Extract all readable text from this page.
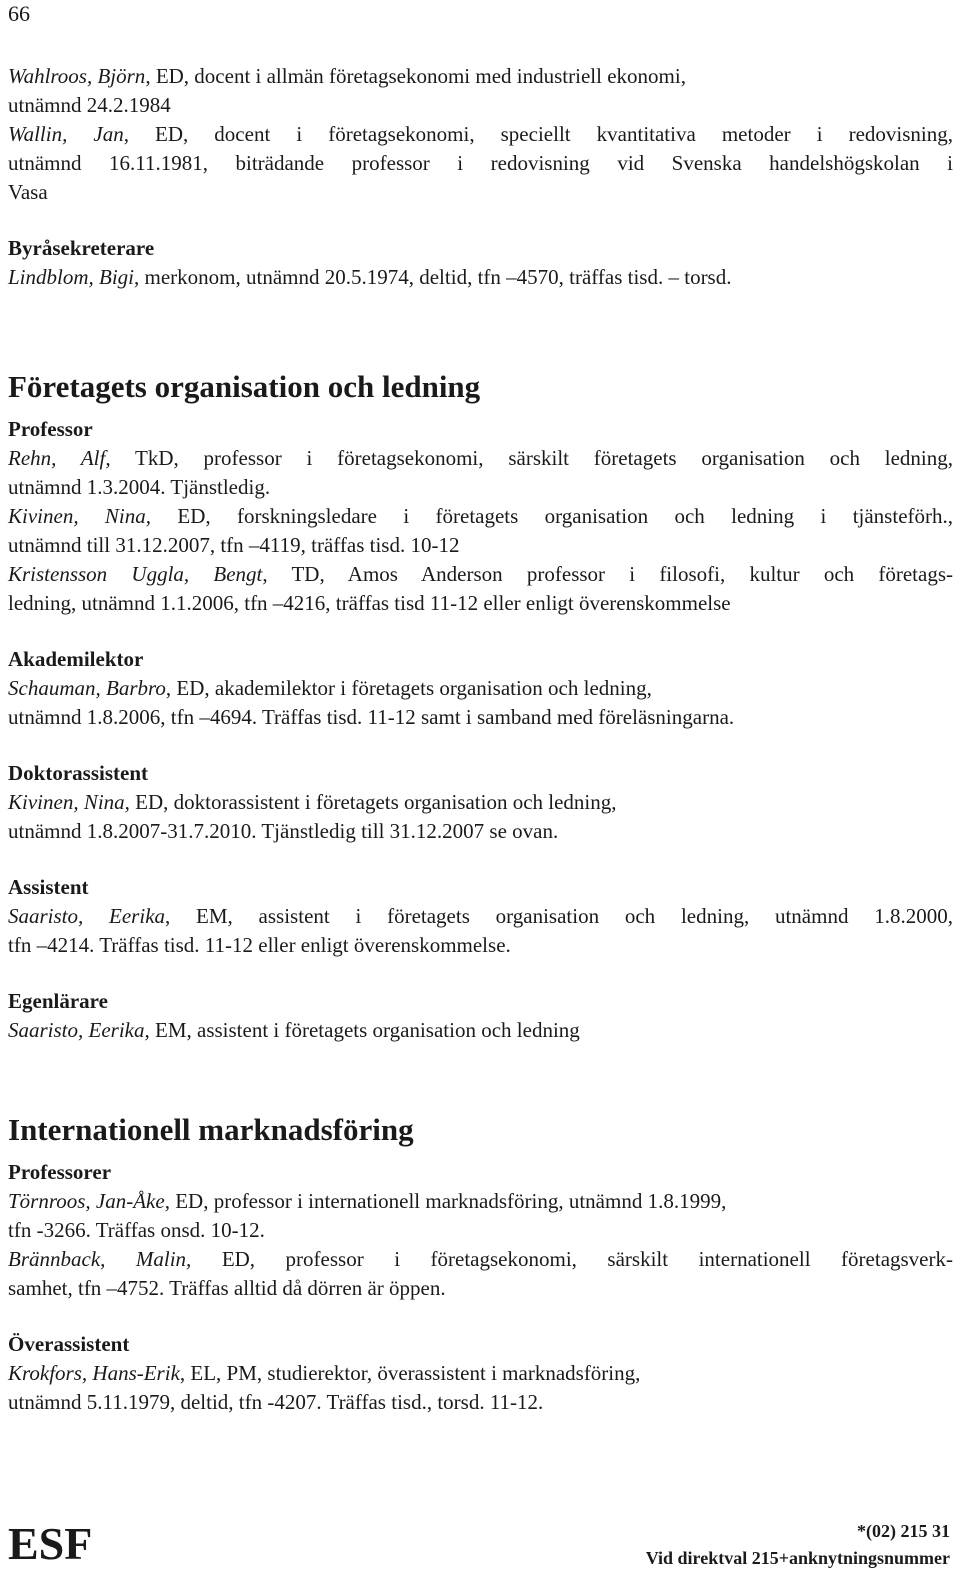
66
Wahlroos, Björn, ED, docent i allmän företagsekonomi med industriell ekonomi,
utnämnd 24.2.1984
Wallin, Jan, ED, docent i företagsekonomi, speciellt kvantitativa metoder i redovisning,
utnämnd 16.11.1981, biträdande professor i redovisning vid Svenska handelshögskolan i
Vasa
Byråsekreterare
Lindblom, Bigi, merkonom, utnämnd 20.5.1974, deltid, tfn –4570, träffas tisd. – torsd.
Företagets organisation och ledning
Professor
Rehn, Alf, TkD, professor i företagsekonomi, särskilt företagets organisation och ledning,
utnämnd 1.3.2004. Tjänstledig.
Kivinen, Nina, ED, forskningsledare i företagets organisation och ledning i tjänsteförh.,
utnämnd till 31.12.2007, tfn –4119, träffas tisd. 10-12
Kristensson Uggla, Bengt, TD, Amos Anderson professor i filosofi, kultur och företags-
ledning, utnämnd 1.1.2006, tfn –4216, träffas tisd 11-12 eller enligt överenskommelse
Akademilektor
Schauman, Barbro, ED, akademilektor i företagets organisation och ledning,
utnämnd 1.8.2006, tfn –4694. Träffas tisd. 11-12 samt i samband med föreläsningarna.
Doktorassistent
Kivinen, Nina, ED, doktorassistent i företagets organisation och ledning,
utnämnd 1.8.2007-31.7.2010. Tjänstledig till 31.12.2007 se ovan.
Assistent
Saaristo, Eerika, EM, assistent i företagets organisation och ledning, utnämnd 1.8.2000,
tfn –4214. Träffas tisd. 11-12 eller enligt överenskommelse.
Egenlärare
Saaristo, Eerika, EM, assistent i företagets organisation och ledning
Internationell marknadsföring
Professorer
Törnroos, Jan-Åke, ED, professor i internationell marknadsföring, utnämnd 1.8.1999,
tfn -3266. Träffas onsd. 10-12.
Brännback, Malin, ED, professor i företagsekonomi, särskilt internationell företagsverk-
samhet, tfn –4752. Träffas alltid då dörren är öppen.
Överassistent
Krokfors, Hans-Erik, EL, PM, studierektor, överassistent i marknadsföring,
utnämnd 5.11.1979, deltid, tfn -4207. Träffas tisd., torsd. 11-12.
ESF	*(02) 215 31
Vid direktval 215+anknytningsnummer
